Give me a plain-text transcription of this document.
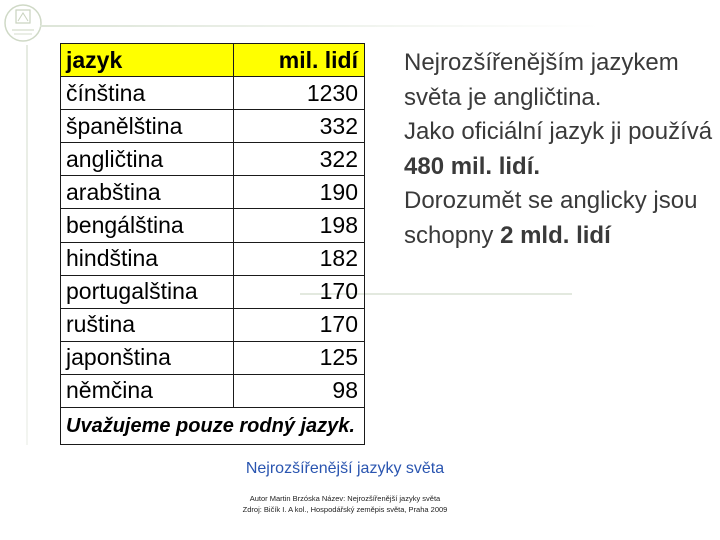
jazyk	mil. lidí
čínština	1230
španělština	332
angličtina	322
arabština	190
bengálština	198
hindština	182
portugalština	170
ruština	170
japonština	125
němčina	98
Uvažujeme pouze rodný jazyk.	

Nejrozšířenějším jazykem světa je angličtina.

Jako oficiální jazyk ji používá 480 mil. lidí.

Dorozumět se anglicky jsou schopny 2 mld. lidí

Nejrozšířenější jazyky světa
Autor Martin Brzóska Název: Nejrozšířenější jazyky světa
Zdroj: Bičík I. A kol., Hospodářský zeměpis světa, Praha 2009
